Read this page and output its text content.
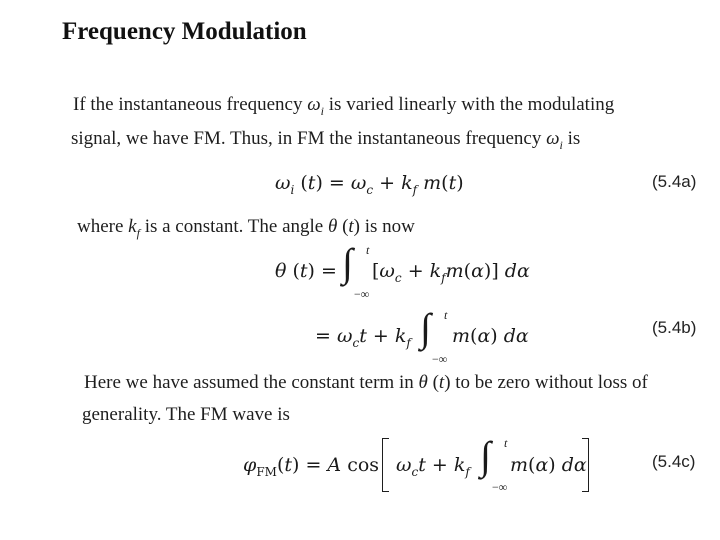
Frequency Modulation
If the instantaneous frequency $\omega_i$ is varied linearly with the modulating
signal, we have FM. Thus, in FM the instantaneous frequency $\omega_i$ is
$\omega_i$ $(t) = \omega_c + k_f$ m(t)	(5.4a)
where $k_f$ is a constant. The angle θ (t) is now
θ (t) = ∫ t
−∞
$[\omega_c + k_fm(\alpha)]$ dα
= $\omega_ct + k_f$ ∫ t
−∞
m(α) dα	(5.4b)
Here we have assumed the constant term in θ (t) to be zero without loss of
generality. The FM wave is
$\varphi_{FM}(t) = A$ $\cos \omega_ct + k_f$ ∫ t
−∞
m(α) dα	(5.4c)
